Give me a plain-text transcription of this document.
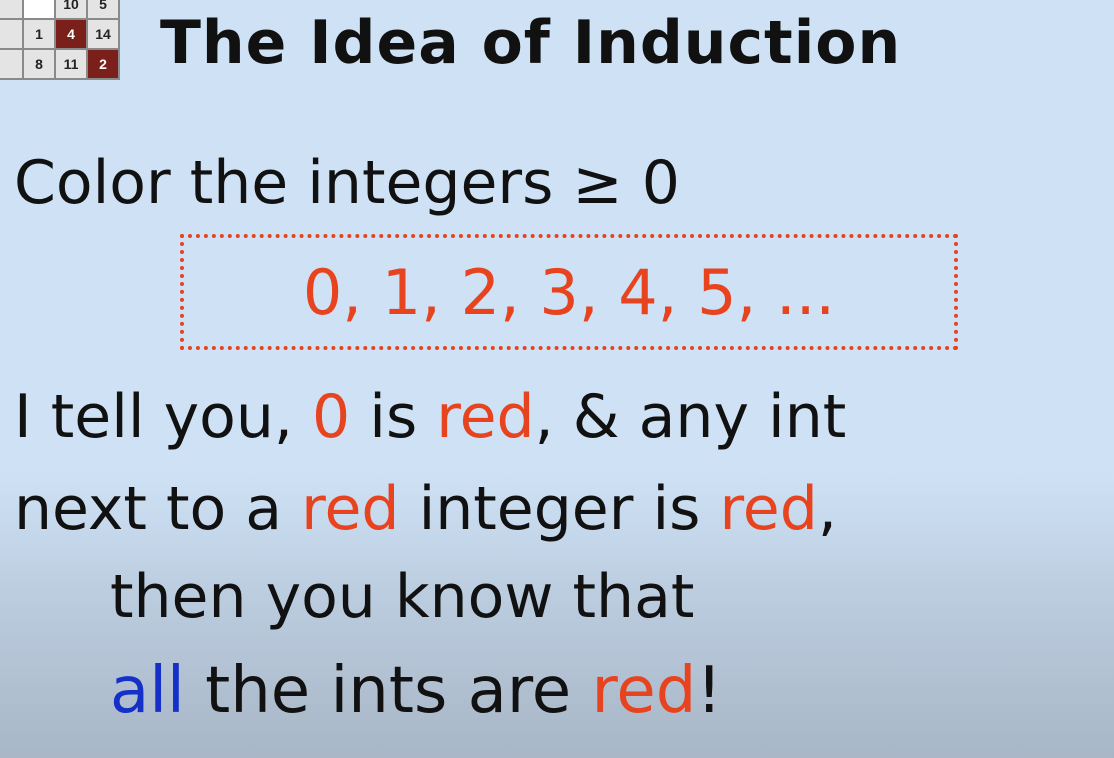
		10	5
	1	4	14
	8	11	2 The Idea of Induction

Color the integers ≥ 0

0, 1, 2, 3, 4, 5, ...

I tell you, 0 is red, & any int

next to a red integer is red,

then you know that

all the ints are red!
